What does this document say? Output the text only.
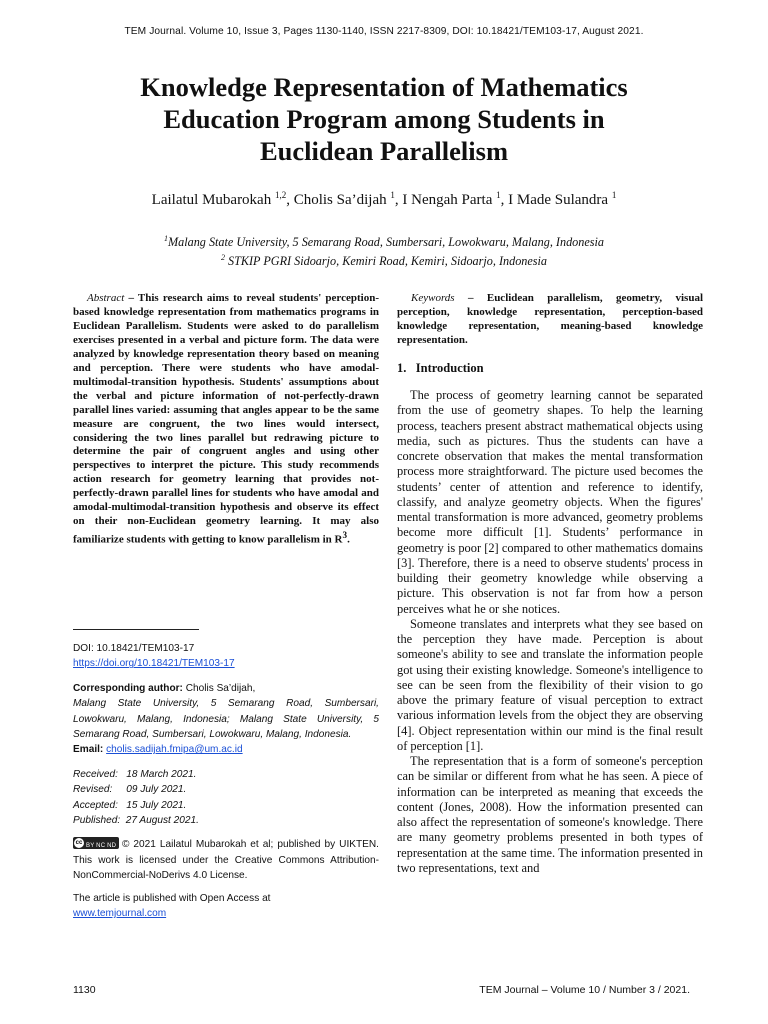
TEM Journal. Volume 10, Issue 3, Pages 1130-1140, ISSN 2217-8309, DOI: 10.18421/TEM103-17, August 2021.
Knowledge Representation of Mathematics
Education Program among Students in
Euclidean Parallelism
Lailatul Mubarokah $^{1,2}$, Cholis Sa’dijah $^1$, I Nengah Parta $^1$, I Made Sulandra $^1$
$^1$Malang State University, 5 Semarang Road, Sumbersari, Lowokwaru, Malang, Indonesia
$^2$ STKIP PGRI Sidoarjo, Kemiri Road, Kemiri, Sidoarjo, Indonesia

Abstract – This research aims to reveal students' perception-based knowledge representation from mathematics programs in Euclidean Parallelism. Students were asked to do parallelism exercises presented in a verbal and picture form. The data were analyzed by knowledge representation theory based on meaning and perception. There were students who have amodal-multimodal-transition hypothesis. Students' assumptions about the verbal and picture information of not-perfectly-drawn parallel lines varied: assuming that angles appear to be the same measure are congruent, the two lines would intersect, considering the two lines parallel but redrawing picture to determine the pair of congruent angles and using other perspectives to interpret the picture. This study recommends action research for geometry learning that provides not-perfectly-drawn parallel lines for students who have amodal and amodal-multimodal-transition hypothesis and observe its effect on their non-Euclidean geometry learning. It may also familiarize students with getting to know parallelism in $R^3$.

Keywords – Euclidean parallelism, geometry, visual perception, knowledge representation, perception-based knowledge representation, meaning-based knowledge representation.

DOI: 10.18421/TEM103-17

https://doi.org/10.18421/TEM103-17

Corresponding author: Cholis Sa’dijah,

Malang State University, 5 Semarang Road, Sumbersari, Lowokwaru, Malang, Indonesia; Malang State University, 5 Semarang Road, Sumbersari, Lowokwaru, Malang, Indonesia.

Email: cholis.sadijah.fmipa@um.ac.id

Received:   18 March 2021.

Revised:     09 July 2021.

Accepted:   15 July 2021.

Published:  27 August 2021.

cc BY NC ND © 2021 Lailatul Mubarokah et al; published by UIKTEN. This work is licensed under the Creative Commons Attribution-NonCommercial-NoDerivs 4.0 License.

The article is published with Open Access at

www.temjournal.com

1.   Introduction

The process of geometry learning cannot be separated from the use of geometry shapes. To help the learning process, teachers present abstract mathematical objects using media, such as pictures. Thus the students can have a concrete observation that makes the mental transformation process more straightforward. The picture used becomes the students’ center of attention and reference to identify, classify, and analyze geometry objects. When the figures' mental transformation is more advanced, geometry problems become more difficult [1]. Students’ performance in geometry is poor [2] compared to other mathematics domains [3]. Therefore, there is a need to observe students' process in building their geometry knowledge while observing a picture. This observation is not far from how a person perceives what he or she notices.

Someone translates and interprets what they see based on the perception they have made. Perception is about someone's ability to see and translate the information people got using their existing knowledge. Someone's intelligence to see can be seen from the flexibility of their vision to go above the primary feature of visual perception to extract various information levels from the object they are observing [4]. Object representation within our mind is the final result of perception [1].

The representation that is a form of someone's perception can be similar or different from what he has seen. A piece of information can be interpreted as meaning that exceeds the content (Jones, 2008). How the information presented can also affect the representation of someone's knowledge. There are many geometry problems presented in both types of representation at the same time. The information presented in two representations, text and

1130	TEM Journal – Volume 10 / Number 3 / 2021.
